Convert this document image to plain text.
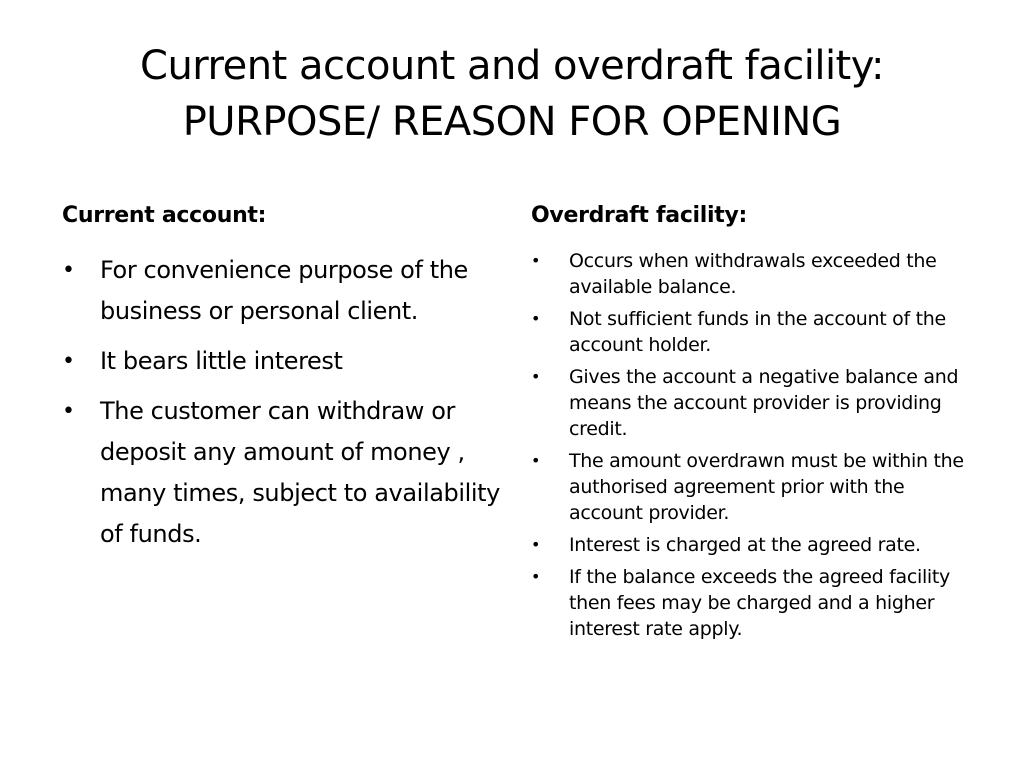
Current account and overdraft facility:
PURPOSE/ REASON FOR OPENING
Current account:
• For convenience purpose of the business or personal client.
• It bears little interest
• The customer can withdraw or deposit any amount of money , many times, subject to availability of funds.
Overdraft facility:
• Occurs when withdrawals exceeded the available balance.
• Not sufficient funds in the account of the account holder.
• Gives the account a negative balance and means the account provider is providing credit.
• The amount overdrawn must be within the authorised agreement prior with the account provider.
• Interest is charged at the agreed rate.
• If the balance exceeds the agreed facility then fees may be charged and a higher interest rate apply.
